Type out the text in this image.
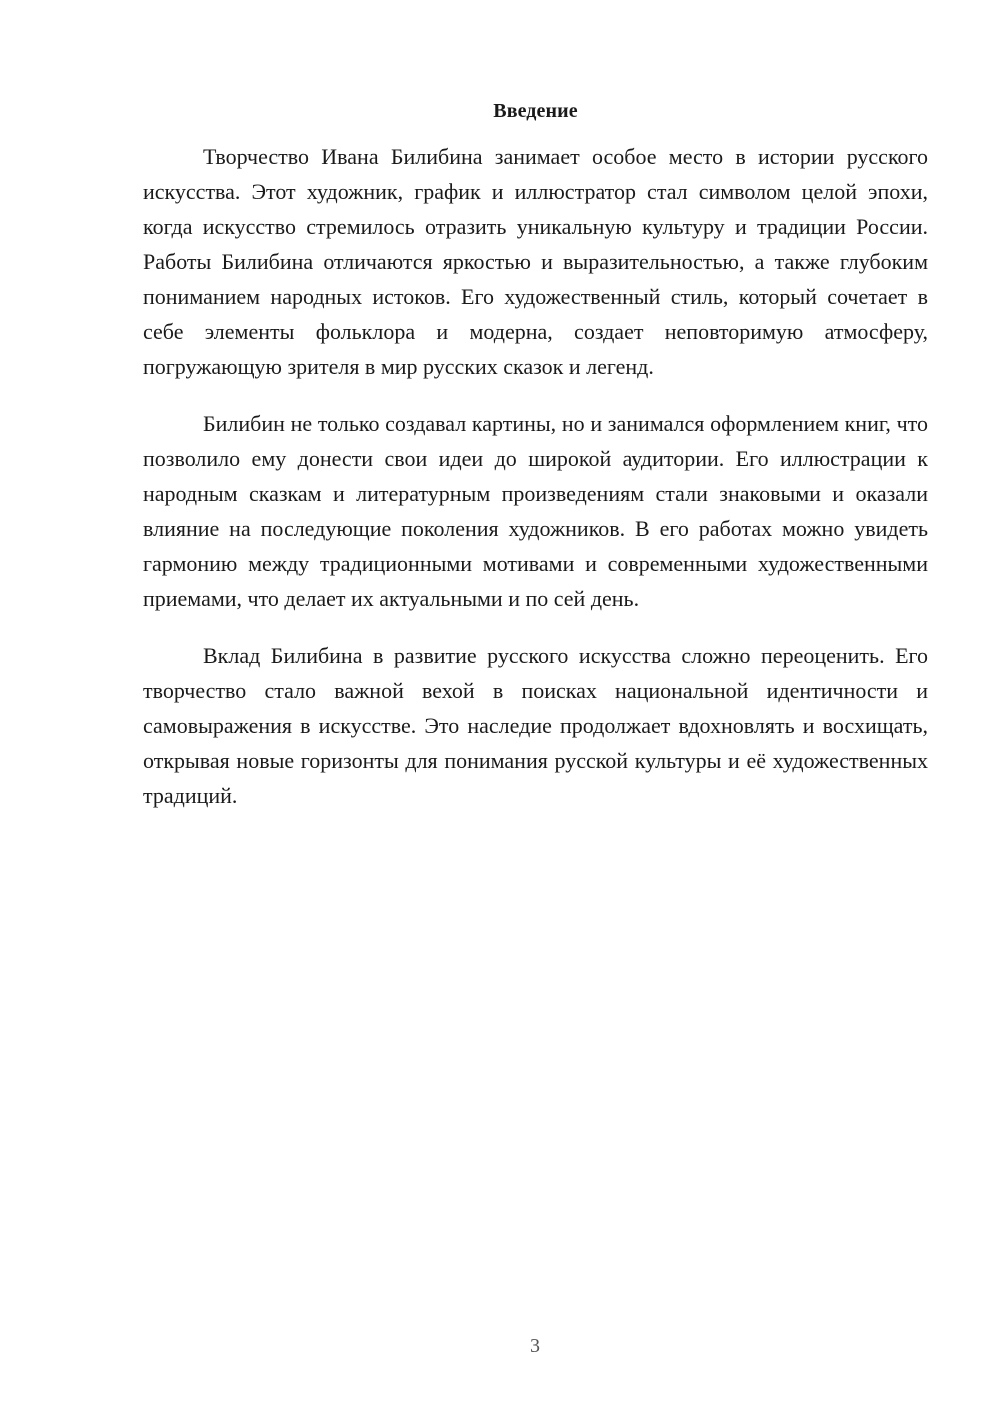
Введение

Творчество Ивана Билибина занимает особое место в истории русского искусства. Этот художник, график и иллюстратор стал символом целой эпохи, когда искусство стремилось отразить уникальную культуру и традиции России. Работы Билибина отличаются яркостью и выразительностью, а также глубоким пониманием народных истоков. Его художественный стиль, который сочетает в себе элементы фольклора и модерна, создает неповторимую атмосферу, погружающую зрителя в мир русских сказок и легенд.

Билибин не только создавал картины, но и занимался оформлением книг, что позволило ему донести свои идеи до широкой аудитории. Его иллюстрации к народным сказкам и литературным произведениям стали знаковыми и оказали влияние на последующие поколения художников. В его работах можно увидеть гармонию между традиционными мотивами и современными художественными приемами, что делает их актуальными и по сей день.

Вклад Билибина в развитие русского искусства сложно переоценить. Его творчество стало важной вехой в поисках национальной идентичности и самовыражения в искусстве. Это наследие продолжает вдохновлять и восхищать, открывая новые горизонты для понимания русской культуры и её художественных традиций.

3
